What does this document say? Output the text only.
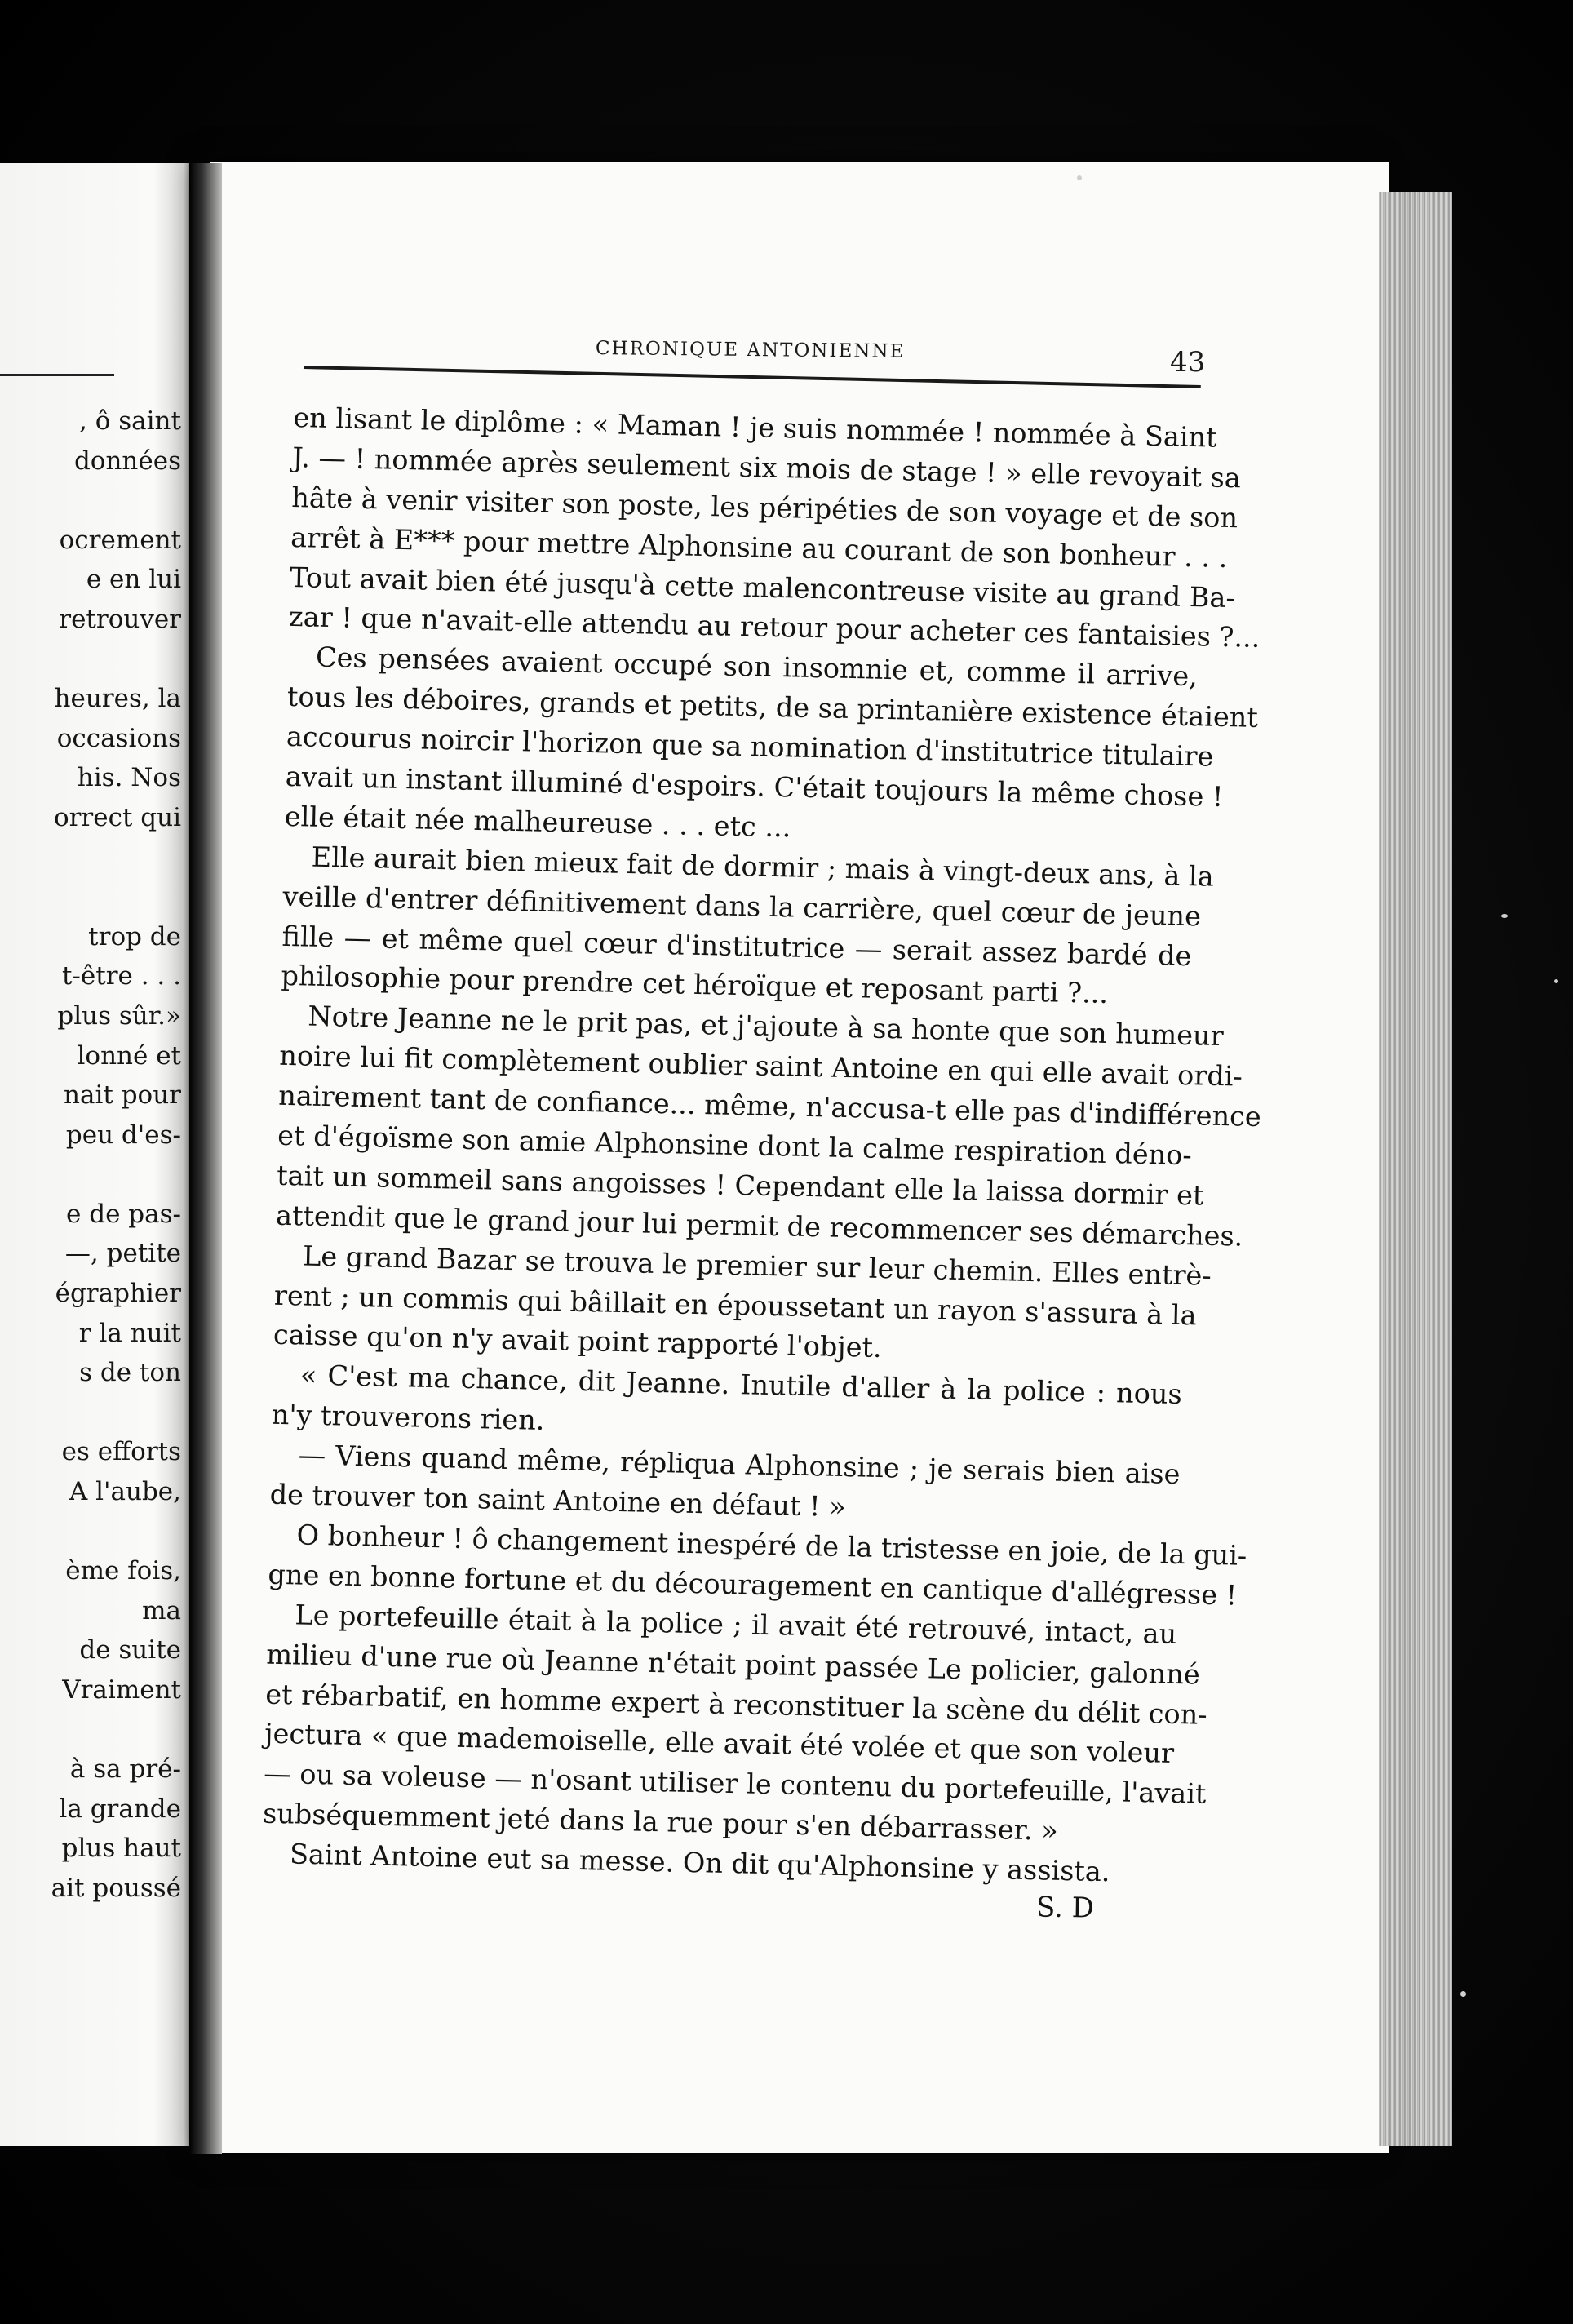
, ô saint
données
ocrement
e en lui
retrouver
heures, la
occasions
his. Nos
orrect qui
trop de
t-être . . .
plus sûr.»
lonné et
nait pour
peu d'es-
e de pas-
—, petite
égraphier
r la nuit
s de ton
es efforts
A l'aube,
ème fois,
ma
de suite
Vraiment
à sa pré-
la grande
plus haut
ait poussé
CHRONIQUE ANTONIENNE	43
en lisant le diplôme : « Maman ! je suis nommée ! nommée à Saint
J. — ! nommée après seulement six mois de stage ! » elle revoyait sa
hâte à venir visiter son poste, les péripéties de son voyage et de son
arrêt à E*** pour mettre Alphonsine au courant de son bonheur . . .
Tout avait bien été jusqu'à cette malencontreuse visite au grand Ba-
zar ! que n'avait-elle attendu au retour pour acheter ces fantaisies ?...
Ces pensées avaient occupé son insomnie et, comme il arrive,
tous les déboires, grands et petits, de sa printanière existence étaient
accourus noircir l'horizon que sa nomination d'institutrice titulaire
avait un instant illuminé d'espoirs. C'était toujours la même chose !
elle était née malheureuse . . . etc ...
Elle aurait bien mieux fait de dormir ; mais à vingt-deux ans, à la
veille d'entrer définitivement dans la carrière, quel cœur de jeune
fille — et même quel cœur d'institutrice — serait assez bardé de
philosophie pour prendre cet héroïque et reposant parti ?...
Notre Jeanne ne le prit pas, et j'ajoute à sa honte que son humeur
noire lui fit complètement oublier saint Antoine en qui elle avait ordi-
nairement tant de confiance... même, n'accusa-t elle pas d'indifférence
et d'égoïsme son amie Alphonsine dont la calme respiration déno-
tait un sommeil sans angoisses ! Cependant elle la laissa dormir et
attendit que le grand jour lui permit de recommencer ses démarches.
Le grand Bazar se trouva le premier sur leur chemin. Elles entrè-
rent ; un commis qui bâillait en époussetant un rayon s'assura à la
caisse qu'on n'y avait point rapporté l'objet.
« C'est ma chance, dit Jeanne. Inutile d'aller à la police : nous
n'y trouverons rien.
— Viens quand même, répliqua Alphonsine ; je serais bien aise
de trouver ton saint Antoine en défaut ! »
O bonheur ! ô changement inespéré de la tristesse en joie, de la gui-
gne en bonne fortune et du découragement en cantique d'allégresse !
Le portefeuille était à la police ; il avait été retrouvé, intact, au
milieu d'une rue où Jeanne n'était point passée Le policier, galonné
et rébarbatif, en homme expert à reconstituer la scène du délit con-
jectura « que mademoiselle, elle avait été volée et que son voleur
— ou sa voleuse — n'osant utiliser le contenu du portefeuille, l'avait
subséquemment jeté dans la rue pour s'en débarrasser. »
Saint Antoine eut sa messe. On dit qu'Alphonsine y assista.
S. D
